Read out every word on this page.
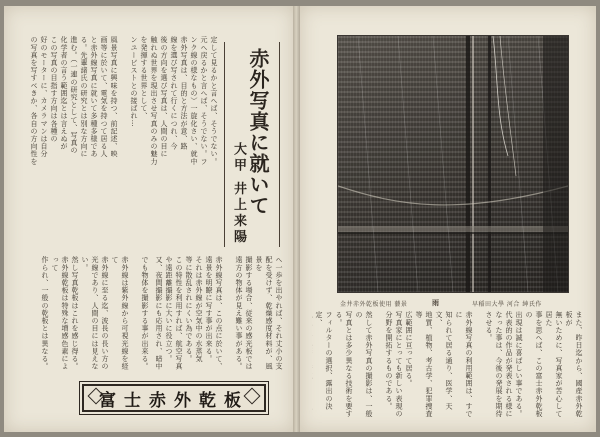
赤外写真に就いて

大甲 井上来陽

定して見るかと言へば、そうでない。
元へ戻るかと言へば、そうでない。フ
ンク線の様なもの）一旋化さい、就中
赤外写真は、目的と方法が意、路
線を選び写されて行くにつれ、今
後の方向を選び写真は、人間の目に
触れぬ世界を現出させ写真のみの魅力
を発揮する世界として、
ンユービストとの接ばれ…

風景写真に興味を持つ、前記述、映
画等に於いて、電気を持つて居る人
と赤外線写真に就いて多種多様であ
る。先輩諸氏の研究とは別な方向に
進む。（一連の研究として、写真の
化学者の言う範囲迄とは言えぬが
この写真の目指す方向は各種の
好のモーターに、カメラマンは自分
の写真を写すべきか、各自の方向性を

へ一歩を出やれば、それ丈小の支
配を受けず、乾燥感度材料が、風景を
撮影する場合、従来の感光板では
遠方の物体が見え難い事がある。

赤外線写真は、この点に於いて、
遠景を明瞭に写す事が出来る。
それは赤外線が空気中の水蒸気
等に散乱されにくい為である。
この特性を利用すれば、航空写真
や遠距離撮影に大いに役立つ。
又、夜間撮影にも応用され、暗中

でも物体を撮影する事が出来る。

赤外線は紫外線から可視光線を経て
赤外線に至る迄、波長の長い方の
光線であり、人間の目には見えない。
然し写真乾板はこれを感じ得る。
赤外線乾板は特殊な増感色素によって
作られ、一般の乾板とは異なる。

富士赤外乾板

金井赤外乾板使用 藝景	雨	早稲田大學 河合 紳氏作

また、昨日迄から、國産赤外乾板が
無いために、写真家が苦心して居た
事を思へば、この富士赤外乾板の
出現は誠に喜ばしい事である。
代表的の作品が発表される様に
なった事は、今後の発展を期待させる。

赤外線写真の利用範囲は、すでに
知られて居る通り、医学、天文、
地質、植物、考古学、犯罪捜査等
広範囲に亘って居る。
写真家にとっても新しい表現の
分野を開拓するものである。

然して赤外写真の撮影は、一般の
写真とは多少異なる技術を要する。
フィルターの選択、露出の決定、
